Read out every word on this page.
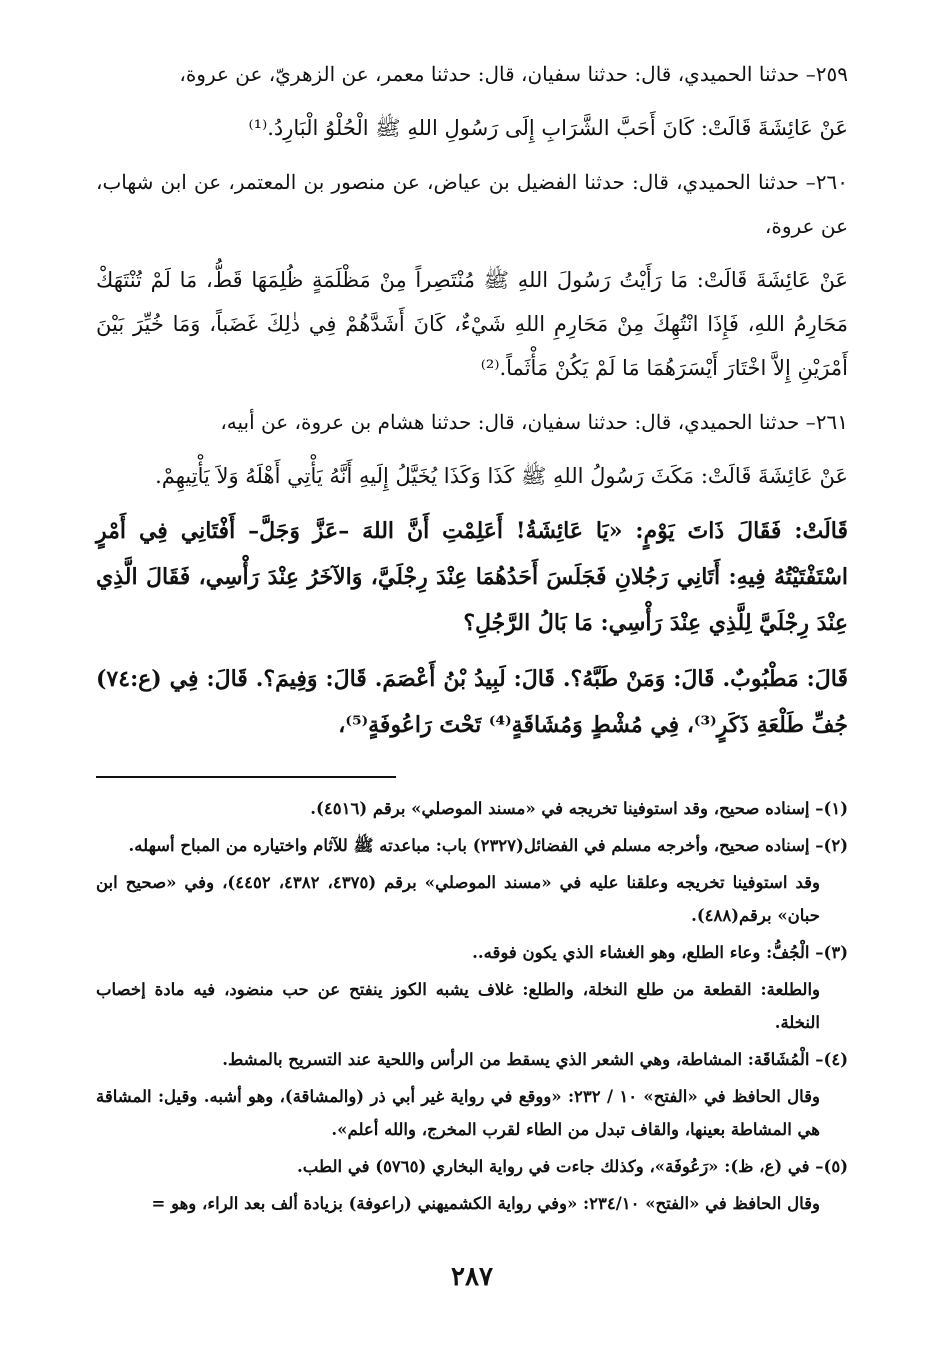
٢٥٩– حدثنا الحميدي، قال: حدثنا سفيان، قال: حدثنا معمر، عن الزهريّ، عن عروة،

عَنْ عَائِشَةَ قَالَتْ: كَانَ أَحَبَّ الشَّرَابِ إِلَى رَسُولِ اللهِ ﷺ الْحُلْوُ الْبَارِدُ.⁽¹⁾

٢٦٠– حدثنا الحميدي، قال: حدثنا الفضيل بن عياض، عن منصور بن المعتمر، عن ابن شهاب، عن عروة،

عَنْ عَائِشَةَ قَالَتْ: مَا رَأَيْتُ رَسُولَ اللهِ ﷺ مُنْتَصِراً مِنْ مَظْلَمَةٍ ظُلِمَهَا قَطُّ، مَا لَمْ تُنْتَهَكْ مَحَارِمُ اللهِ، فَإِذَا انْتُهِكَ مِنْ مَحَارِمِ اللهِ شَيْءٌ، كَانَ أَشَدَّهُمْ فِي ذٰلِكَ غَضَباً، وَمَا خُيِّرَ بَيْنَ أَمْرَيْنِ إِلاَّ اخْتَارَ أَيْسَرَهُمَا مَا لَمْ يَكُنْ مَأْثَماً.⁽²⁾

٢٦١– حدثنا الحميدي، قال: حدثنا سفيان، قال: حدثنا هشام بن عروة، عن أبيه،

عَنْ عَائِشَةَ قَالَتْ: مَكَثَ رَسُولُ اللهِ ﷺ كَذَا وَكَذَا يُخَيَّلُ إِلَيهِ أَنَّهُ يَأْتِي أَهْلَهُ وَلاَ يَأْتِيهِمْ.

قَالَتْ: فَقَالَ ذَاتَ يَوْمٍ: «يَا عَائِشَةُ! أَعَلِمْتِ أَنَّ اللهَ –عَزَّ وَجَلَّ– أَفْتَانِي فِي أَمْرٍ اسْتَفْتَيْتُهُ فِيهِ: أَتَانِي رَجُلانِ فَجَلَسَ أَحَدُهُمَا عِنْدَ رِجْلَيَّ، وَالآخَرُ عِنْدَ رَأْسِي، فَقَالَ الَّذِي عِنْدَ رِجْلَيَّ لِلَّذِي عِنْدَ رَأْسِي: مَا بَالُ الرَّجُلِ؟

قَالَ: مَطْبُوبٌ. قَالَ: وَمَنْ طَبَّهُ؟. قَالَ: لَبِيدُ بْنُ أَعْصَمَ. قَالَ: وَفِيمَ؟. قَالَ: فِي (ع:٧٤) جُفِّ طَلْعَةِ ذَكَرٍ⁽³⁾، فِي مُشْطٍ وَمُشَاقَةٍ⁽⁴⁾ تَحْتَ رَاعُوفَةٍ⁽⁵⁾،

(١)– إسناده صحيح، وقد استوفينا تخريجه في «مسند الموصلي» برقم (٤٥١٦).

(٢)– إسناده صحيح، وأخرجه مسلم في الفضائل(٢٣٢٧) باب: مباعدته ﷺ للآثام واختياره من المباح أسهله.

وقد استوفينا تخريجه وعلقنا عليه في «مسند الموصلي» برقم (٤٣٧٥، ٤٣٨٢، ٤٤٥٢)، وفي «صحيح ابن حبان» برقم(٤٨٨).

(٣)– الْجُفُّ: وعاء الطلع، وهو الغشاء الذي يكون فوقه..

والطلعة: القطعة من طلع النخلة، والطلع: غلاف يشبه الكوز ينفتح عن حب منضود، فيه مادة إخصاب النخلة.

(٤)– الْمُشَاقَة: المشاطة، وهي الشعر الذي يسقط من الرأس واللحية عند التسريح بالمشط.

وقال الحافظ في «الفتح» ١٠ / ٢٣٢: «ووقع في رواية غير أبي ذر (والمشاقة)، وهو أشبه. وقيل: المشاقة هي المشاطة بعينها، والقاف تبدل من الطاء لقرب المخرج، والله أعلم».

(٥)– في (ع، ظ): «رَعُوفَة»، وكذلك جاءت في رواية البخاري (٥٧٦٥) في الطب.

وقال الحافظ في «الفتح» ٢٣٤/١٠: «وفي رواية الكشميهني (راعوفة) بزيادة ألف بعد الراء، وهو =

٢٨٧
